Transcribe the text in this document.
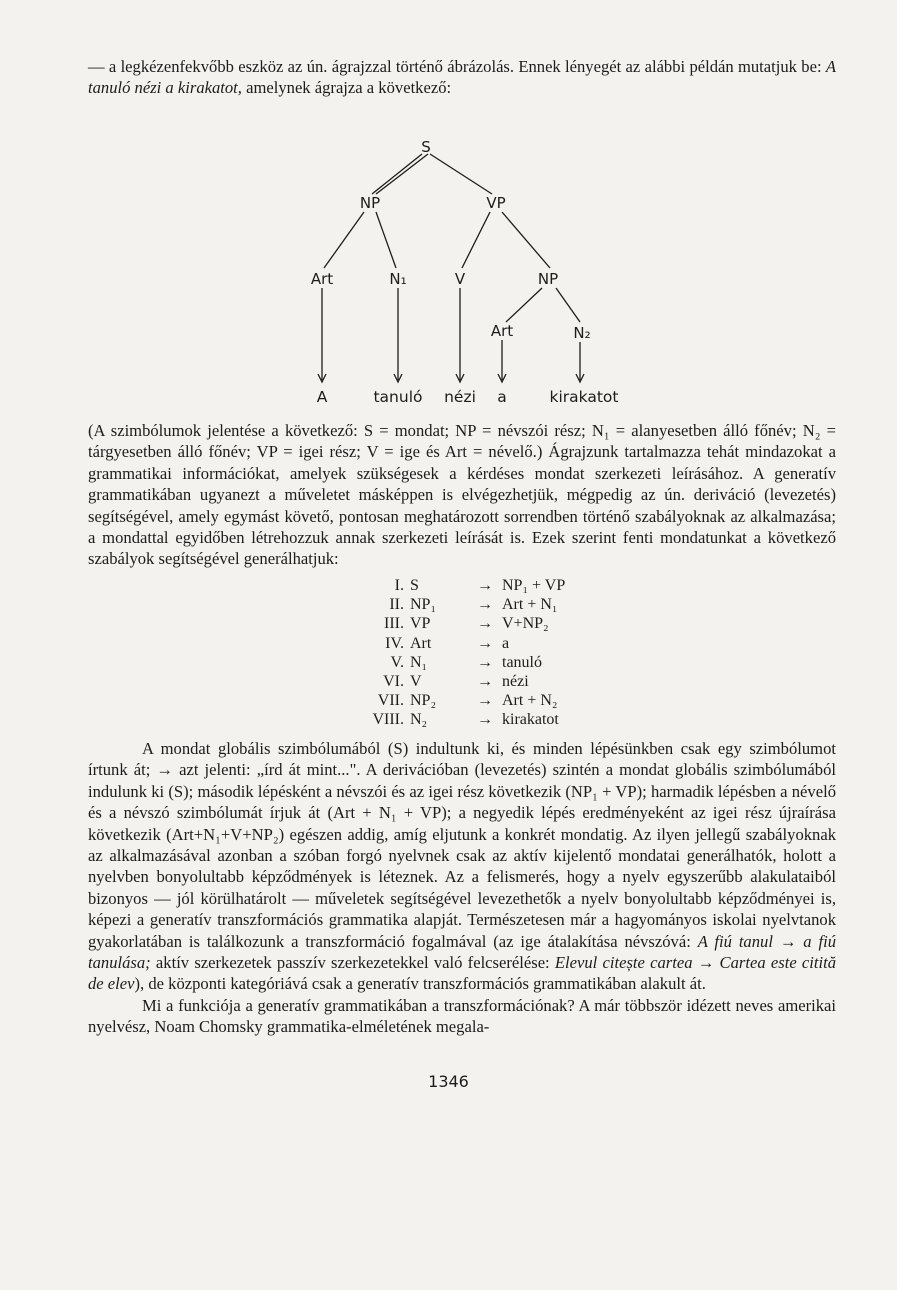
— a legkézenfekvőbb eszköz az ún. ágrajzzal történő ábrázolás. Ennek lényegét az alábbi példán mutatjuk be: A tanuló nézi a kirakatot, amelynek ágrajza a következő:

S
NP	VP
Art	N₁	V	NP
Art	N₂
A	tanuló nézi a	kirakatot

(A szimbólumok jelentése a következő: S = mondat; NP = névszói rész; N₁ = alanyesetben álló főnév; N₂ = tárgyesetben álló főnév; VP = igei rész; V = ige és Art = névelő.) Ágrajzunk tartalmazza tehát mindazokat a grammatikai információkat, amelyek szükségesek a kérdéses mondat szerkezeti leírásához. A generatív grammatikában ugyanezt a műveletet másképpen is elvégezhetjük, mégpedig az ún. deriváció (levezetés) segítségével, amely egymást követő, pontosan meghatározott sorrendben történő szabályoknak az alkalmazása; a mondattal egyidőben létrehozzuk annak szerkezeti leírását is. Ezek szerint fenti mondatunkat a következő szabályok segítségével generálhatjuk:

I. S	→ NP₁ + VP
II. NP₁	→ Art + N₁
III. VP	→ V+NP₂
IV. Art	→ a
V. N₁	→ tanuló
VI. V	→ nézi
VII. NP₂	→ Art + N₂
VIII. N₂	→ kirakatot

A mondat globális szimbólumából (S) indultunk ki, és minden lépésünkben csak egy szimbólumot írtunk át; → azt jelenti: „írd át mint...". A derivációban (levezetés) szintén a mondat globális szimbólumából indulunk ki (S); második lépésként a névszói és az igei rész következik (NP₁ + VP); harmadik lépésben a névelő és a névszó szimbólumát írjuk át (Art + N₁ + VP); a negyedik lépés eredményeként az igei rész újraírása következik (Art+N₁+V+NP₂) egészen addig, amíg eljutunk a konkrét mondatig. Az ilyen jellegű szabályoknak az alkalmazásával azonban a szóban forgó nyelvnek csak az aktív kijelentő mondatai generálhatók, holott a nyelvben bonyolultabb képződmények is léteznek. Az a felismerés, hogy a nyelv egyszerűbb alakulataiból bizonyos — jól körülhatárolt — műveletek segítségével levezethetők a nyelv bonyolultabb képződményei is, képezi a generatív transzformációs grammatika alapját. Természetesen már a hagyományos iskolai nyelvtanok gyakorlatában is találkozunk a transzformáció fogalmával (az ige átalakítása névszóvá: A fiú tanul → a fiú tanulása; aktív szerkezetek passzív szerkezetekkel való felcserélése: Elevul citește cartea → Cartea este citită de elev), de központi kategóriává csak a generatív transzformációs grammatikában alakult át.

Mi a funkciója a generatív grammatikában a transzformációnak? A már többször idézett neves amerikai nyelvész, Noam Chomsky grammatika-elméletének megala-

1346
